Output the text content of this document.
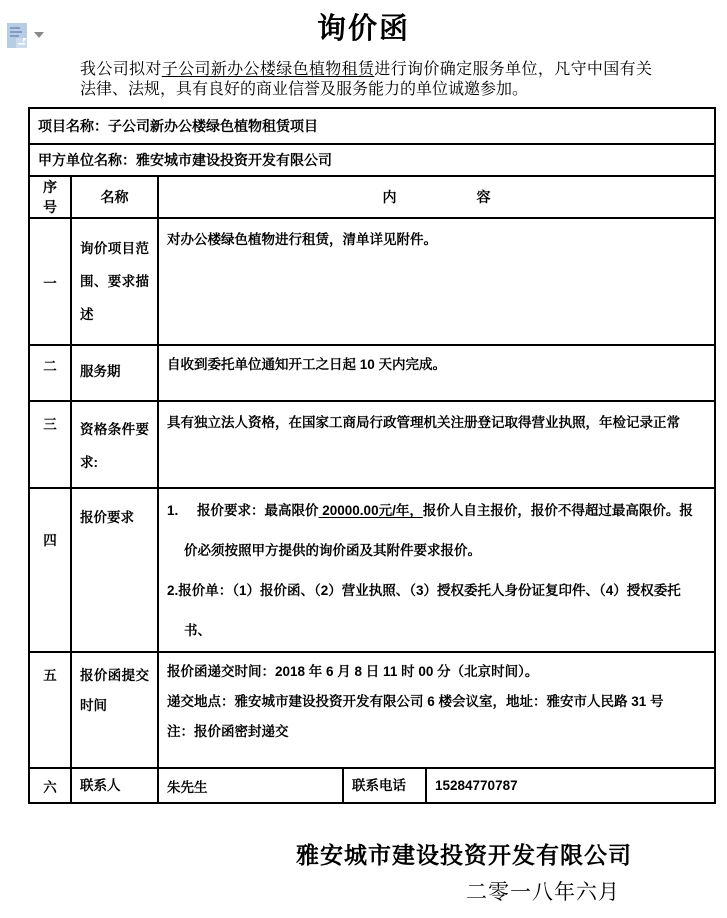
询价函

我公司拟对子公司新办公楼绿色植物租赁进行询价确定服务单位，凡守中国有关法律、法规，具有良好的商业信誉及服务能力的单位诚邀参加。

项目名称：子公司新办公楼绿色植物租赁项目				
甲方单位名称：雅安城市建设投资开发有限公司				
序号	名称	内 容		

一	询价项目范围、要求描述	对办公楼绿色植物进行租赁，清单详见附件。		

二	服务期	自收到委托单位通知开工之日起 10 天内完成。		

三	资格条件要求:	具有独立法人资格，在国家工商局行政管理机关注册登记取得营业执照，年检记录正常		

四	报价要求	1.     报价要求：最高限价 20000.00元/年，报价人自主报价，报价不得超过最高限价。报价必须按照甲方提供的询价函及其附件要求报价。

2.报价单：（1）报价函、（2）营业执照、（3）授权委托人身份证复印件、（4）授权委托书、		

五	报价函提交时间	报价函递交时间：2018 年 6 月 8 日 11 时 00 分（北京时间）。

递交地点：雅安城市建设投资开发有限公司 6 楼会议室，地址：雅安市人民路 31 号

注：报价函密封递交		

六	联系人	朱先生	联系电话	15284770787
雅安城市建设投资开发有限公司
二零一八年六月
